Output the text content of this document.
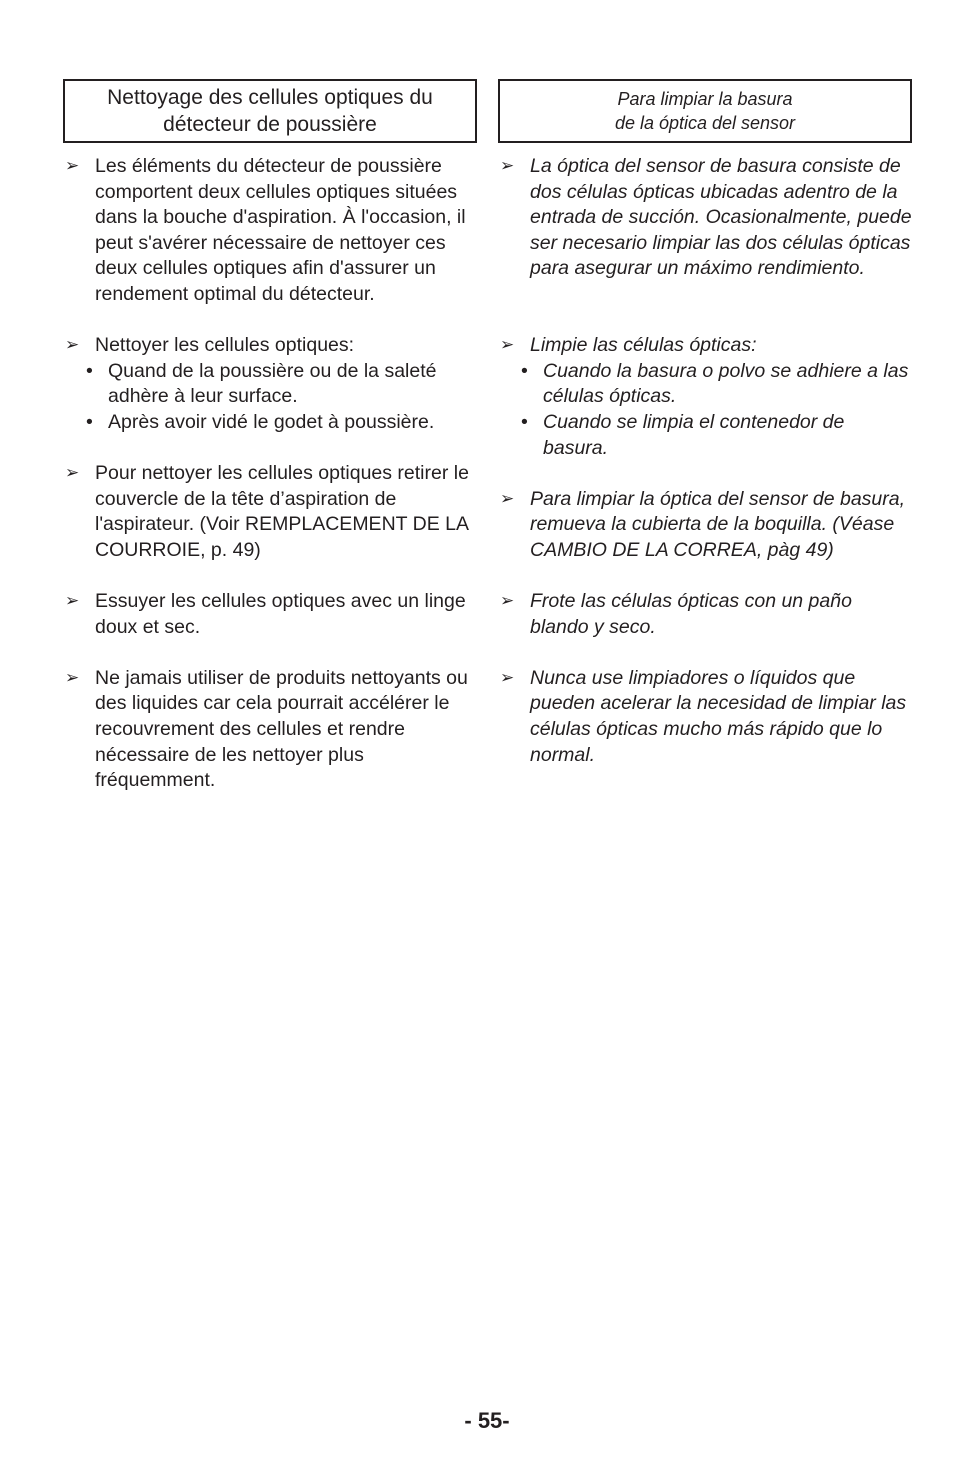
Nettoyage des cellules optiques du
détecteur de poussière
➢ Les éléments du détecteur de poussière comportent deux cellules optiques situées dans la bouche d'aspiration. À l'occasion, il peut s'avérer nécessaire de nettoyer ces deux cellules optiques afin d'assurer un rendement optimal du détecteur.
➢ Nettoyer les cellules optiques:
• Quand de la poussière ou de la saleté adhère à leur surface.
• Après avoir vidé le godet à poussière.
➢ Pour nettoyer les cellules optiques retirer le couvercle de la tête d’aspiration de l'aspirateur. (Voir REMPLACEMENT DE LA COURROIE, p. 49)
➢ Essuyer les cellules optiques avec un linge doux et sec.
➢ Ne jamais utiliser de produits nettoyants ou des liquides car cela pourrait accélérer le recouvrement des cellules et rendre nécessaire de les nettoyer plus fréquemment.
Para limpiar la basura
de la óptica del sensor
➢ La óptica del sensor de basura consiste de dos células ópticas ubicadas adentro de la entrada de succión. Ocasionalmente, puede ser necesario limpiar las dos células ópticas para asegurar un máximo rendimiento.
➢ Limpie las células ópticas:
• Cuando la basura o polvo se adhiere a las células ópticas.
• Cuando se limpia el contenedor de basura.
➢ Para limpiar la óptica del sensor de basura, remueva la cubierta de la boquilla. (Véase CAMBIO DE LA CORREA, pàg 49)
➢ Frote las células ópticas con un paño blando y seco.
➢ Nunca use limpiadores o líquidos que pueden acelerar la necesidad de limpiar las células ópticas mucho más rápido que lo normal.
- 55-
